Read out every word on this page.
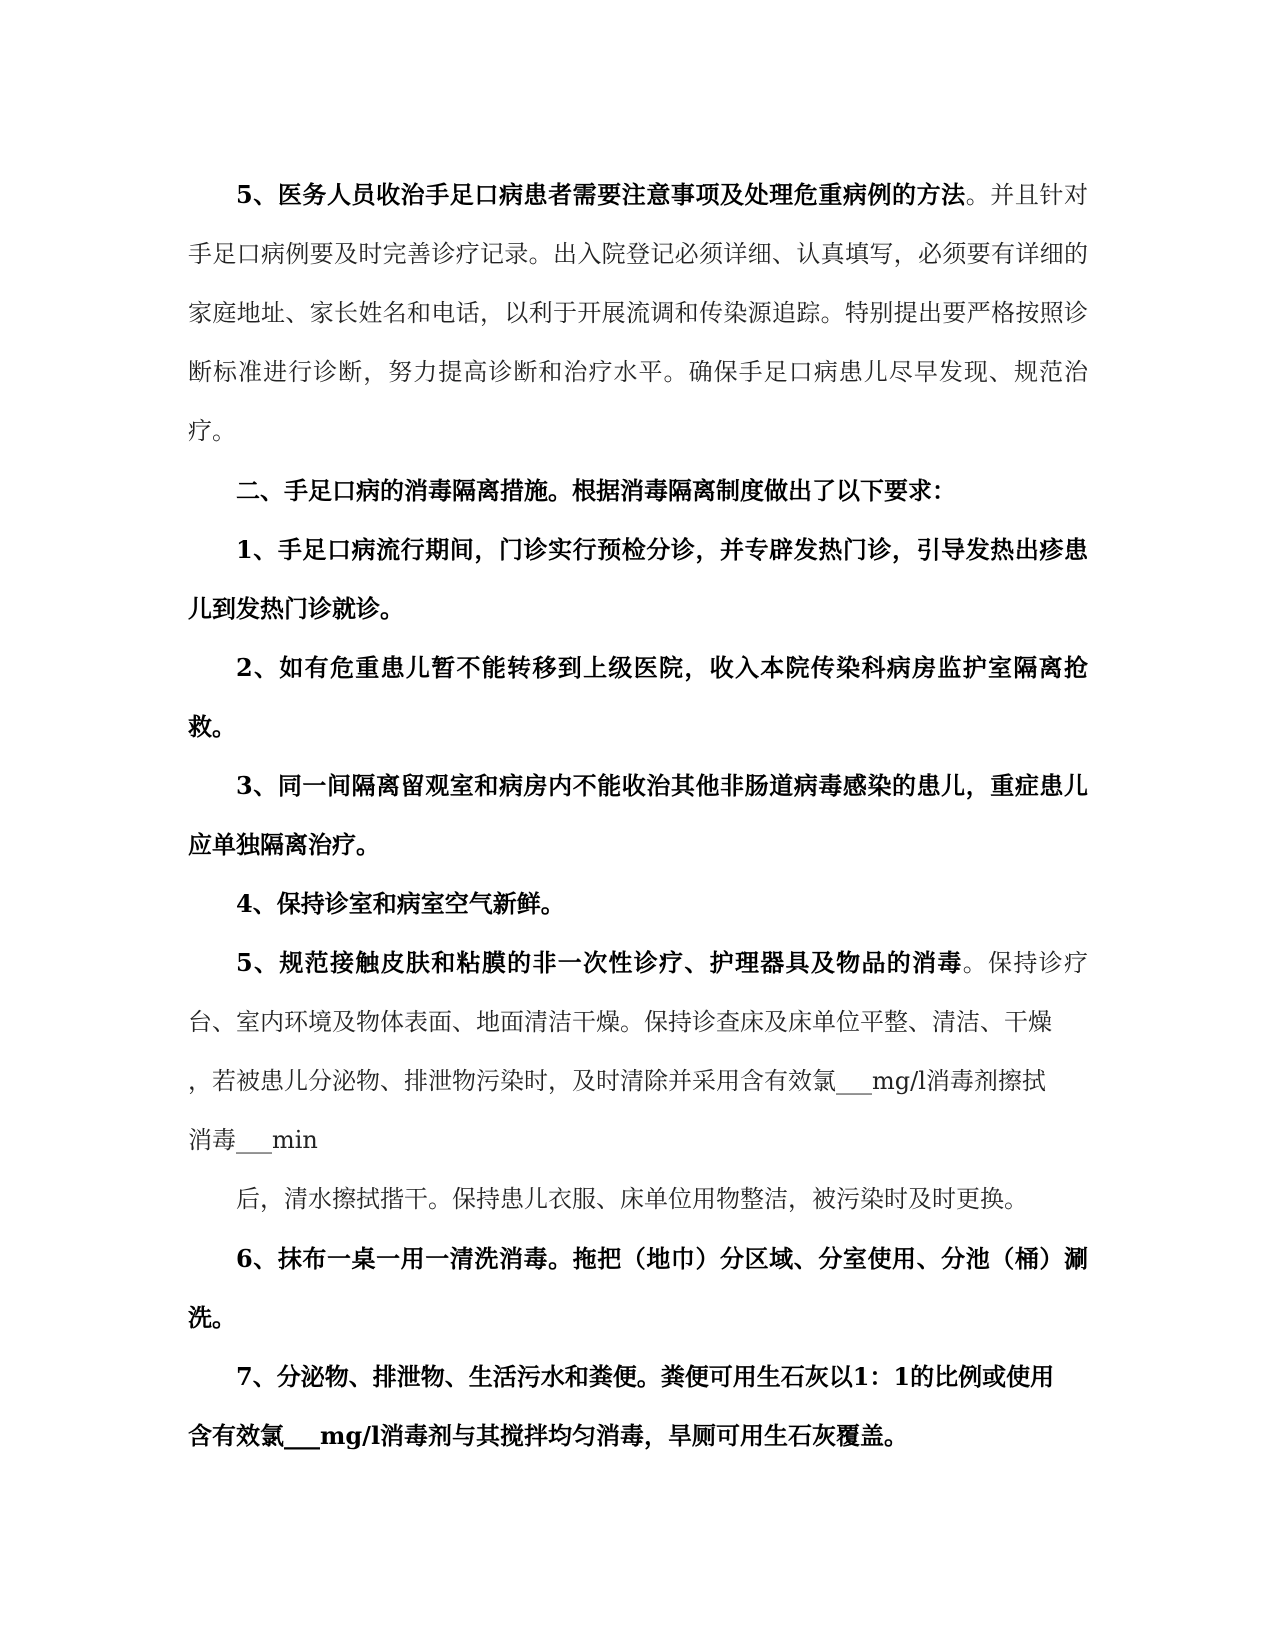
5、医务人员收治手足口病患者需要注意事项及处理危重病例的方法。并且针对手足口病例要及时完善诊疗记录。出入院登记必须详细、认真填写，必须要有详细的家庭地址、家长姓名和电话，以利于开展流调和传染源追踪。特别提出要严格按照诊断标准进行诊断，努力提高诊断和治疗水平。确保手足口病患儿尽早发现、规范治疗。

二、手足口病的消毒隔离措施。根据消毒隔离制度做出了以下要求：

1、手足口病流行期间，门诊实行预检分诊，并专辟发热门诊，引导发热出疹患儿到发热门诊就诊。

2、如有危重患儿暂不能转移到上级医院，收入本院传染科病房监护室隔离抢救。

3、同一间隔离留观室和病房内不能收治其他非肠道病毒感染的患儿，重症患儿应单独隔离治疗。

4、保持诊室和病室空气新鲜。

5、规范接触皮肤和粘膜的非一次性诊疗、护理器具及物品的消毒。保持诊疗台、室内环境及物体表面、地面清洁干燥。保持诊查床及床单位平整、清洁、干燥

，若被患儿分泌物、排泄物污染时，及时清除并采用含有效氯___mg/l消毒剂擦拭

消毒___min

后，清水擦拭揩干。保持患儿衣服、床单位用物整洁，被污染时及时更换。

6、抹布一桌一用一清洗消毒。拖把（地巾）分区域、分室使用、分池（桶）涮洗。

7、分泌物、排泄物、生活污水和粪便。粪便可用生石灰以1：1的比例或使用

含有效氯___mg/l消毒剂与其搅拌均匀消毒，旱厕可用生石灰覆盖。
